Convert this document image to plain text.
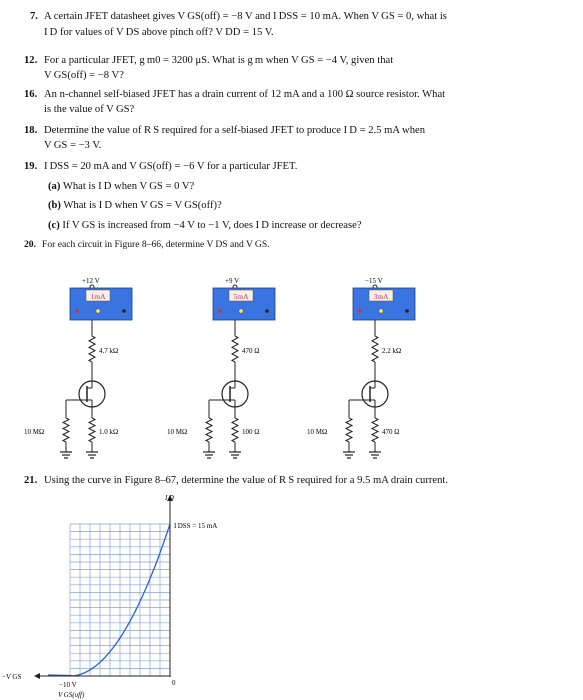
7. A certain JFET datasheet gives V GS(off) = −8 V and I DSS = 10 mA. When V GS = 0, what is
I D for values of V DS above pinch off? V DD = 15 V.
12. For a particular JFET, g m0 = 3200 μS. What is g m when V GS = −4 V, given that
V GS(off) = −8 V?
16. An n-channel self-biased JFET has a drain current of 12 mA and a 100 Ω source resistor. What
is the value of V GS?
18. Determine the value of R S required for a self-biased JFET to produce I D = 2.5 mA when
V GS = −3 V.
19. I DSS = 20 mA and V GS(off) = −6 V for a particular JFET.
(a) What is I D when V GS = 0 V?
(b) What is I D when V GS = V GS(off)?
(c) If V GS is increased from −4 V to −1 V, does I D increase or decrease?
20. For each circuit in Figure 8–66, determine V DS and V GS.
+12 V
1mA
4.7 kΩ
10 MΩ	1.0 kΩ
+9 V
5mA
470 Ω
10 MΩ	100 Ω
−15 V
3mA
2.2 kΩ
10 MΩ	470 Ω
21. Using the curve in Figure 8–67, determine the value of R S required for a 9.5 mA drain current.
I D
I DSS = 15 mA
−V GS
−10 V
V GS(off)
0
